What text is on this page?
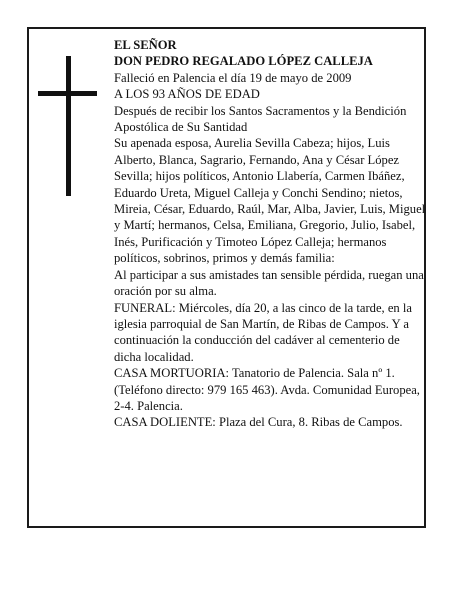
EL SEÑOR

DON PEDRO REGALADO LÓPEZ CALLEJA

Falleció en Palencia el día 19 de mayo de 2009

A LOS 93 AÑOS DE EDAD

Después de recibir los Santos Sacramentos y la Bendición Apostólica de Su Santidad

Su apenada esposa, Aurelia Sevilla Cabeza; hijos, Luis Alberto, Blanca, Sagrario, Fernando, Ana y César López Sevilla; hijos políticos, Antonio Llabería, Carmen Ibáñez, Eduardo Ureta, Miguel Calleja y Conchi Sendino; nietos, Mireia, César, Eduardo, Raúl, Mar, Alba, Javier, Luis, Miguel y Martí; hermanos, Celsa, Emiliana, Gregorio, Julio, Isabel, Inés, Purificación y Timoteo López Calleja; hermanos políticos, sobrinos, primos y demás familia:

Al participar a sus amistades tan sensible pérdida, ruegan una oración por su alma.

FUNERAL: Miércoles, día 20, a las cinco de la tarde, en la iglesia parroquial de San Martín, de Ribas de Campos. Y a continuación la conducción del cadáver al cementerio de dicha localidad.

CASA MORTUORIA: Tanatorio de Palencia. Sala nº 1. (Teléfono directo: 979 165 463). Avda. Comunidad Europea, 2-4. Palencia.

CASA DOLIENTE: Plaza del Cura, 8. Ribas de Campos.
